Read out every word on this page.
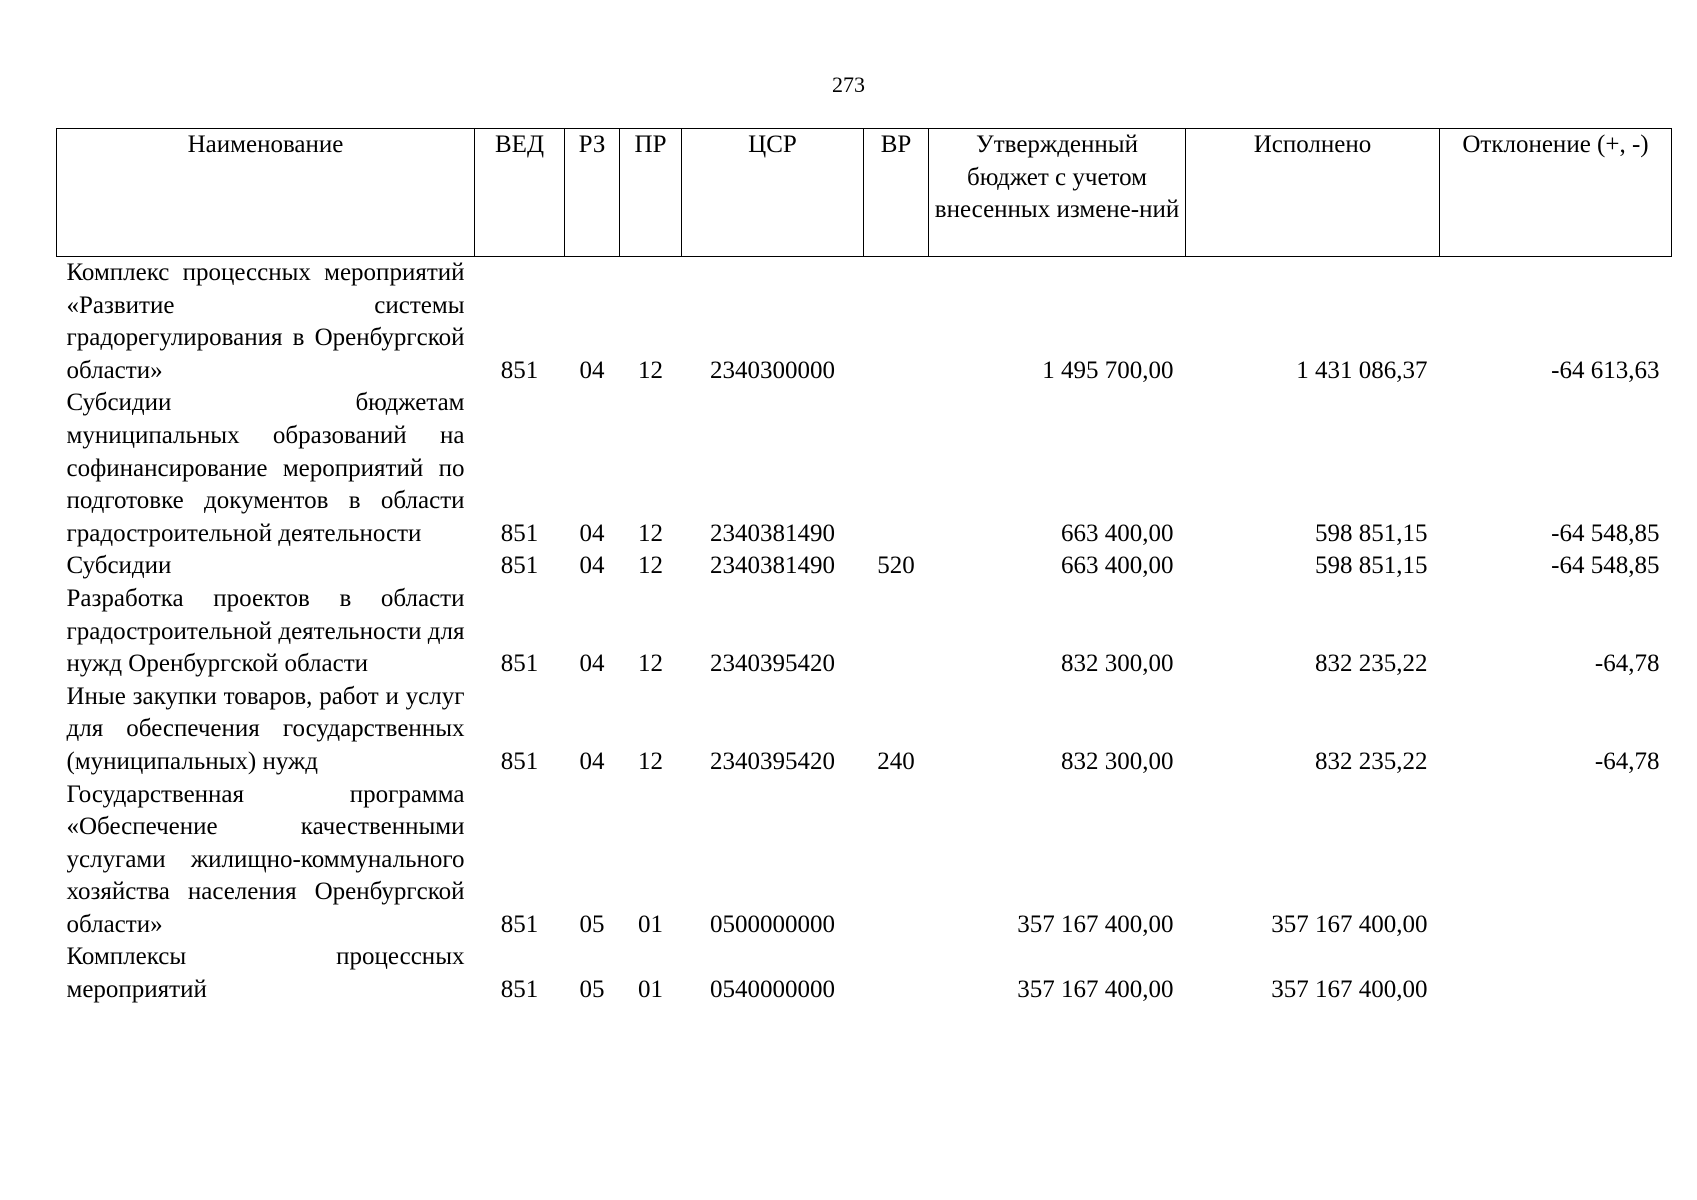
273
Наименование	ВЕД	РЗ	ПР	ЦСР	ВР	Утвержденный бюджет с учетом внесенных измене-ний	Исполнено	Отклонение (+, -)
Комплекс процессных мероприятий «Развитие системы градорегулирования в Оренбургской области»	851	04	12	2340300000		1 495 700,00	1 431 086,37	-64 613,63
Субсидии бюджетам муниципальных образований на софинансирование мероприятий по подготовке документов в области градостроительной деятельности	851	04	12	2340381490		663 400,00	598 851,15	-64 548,85
Субсидии	851	04	12	2340381490	520	663 400,00	598 851,15	-64 548,85
Разработка проектов в области градостроительной деятельности для нужд Оренбургской области	851	04	12	2340395420		832 300,00	832 235,22	-64,78
Иные закупки товаров, работ и услуг для обеспечения государственных (муниципальных) нужд	851	04	12	2340395420	240	832 300,00	832 235,22	-64,78
Государственная программа «Обеспечение качественными услугами жилищно-коммунального хозяйства населения Оренбургской области»	851	05	01	0500000000		357 167 400,00	357 167 400,00	
Комплексы процессных мероприятий	851	05	01	0540000000		357 167 400,00	357 167 400,00	
